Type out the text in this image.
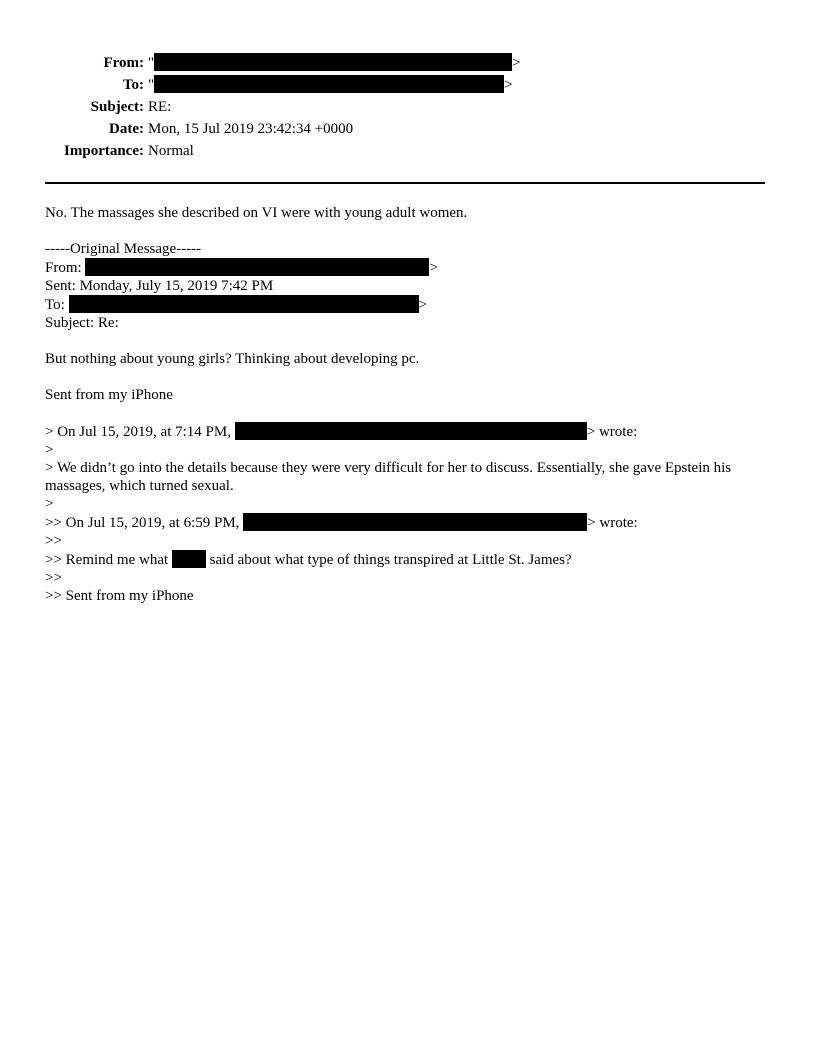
From: "	>
To: "	>
Subject: RE:
Date: Mon, 15 Jul 2019 23:42:34 +0000
Importance: Normal
No. The massages she described on VI were with young adult women.
-----Original Message-----
From:	>
Sent: Monday, July 15, 2019 7:42 PM
To:	>
Subject: Re:
But nothing about young girls? Thinking about developing pc.
Sent from my iPhone
> On Jul 15, 2019, at 7:14 PM,	> wrote:
>
> We didn’t go into the details because they were very difficult for her to discuss. Essentially, she gave Epstein his massages, which turned sexual.
>
>> On Jul 15, 2019, at 6:59 PM,	> wrote:
>>
>> Remind me what	said about what type of things transpired at Little St. James?
>>
>> Sent from my iPhone
